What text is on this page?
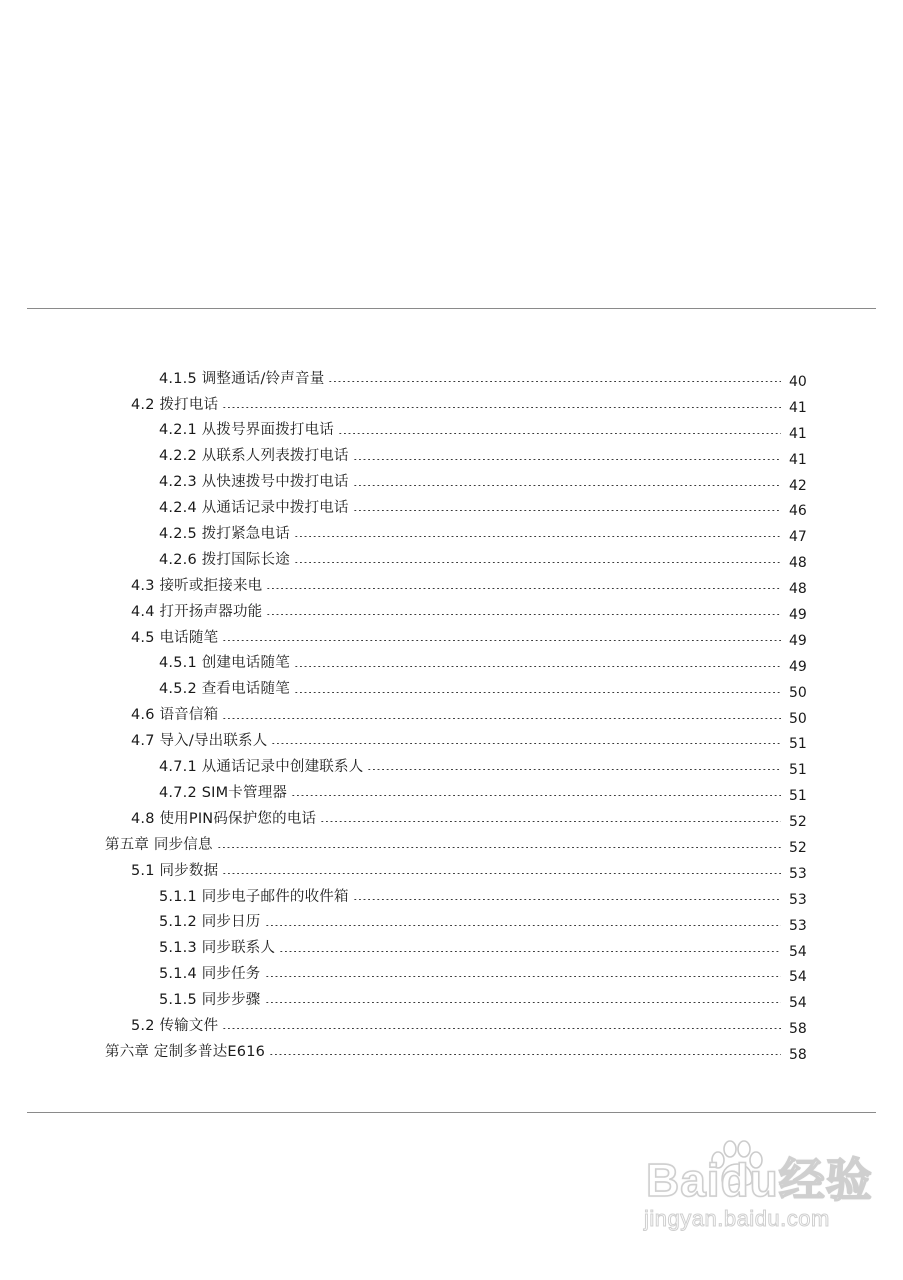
4.1.5 调整通话/铃声音量	40
4.2 拨打电话	41
4.2.1 从拨号界面拨打电话	41
4.2.2 从联系人列表拨打电话	41
4.2.3 从快速拨号中拨打电话	42
4.2.4 从通话记录中拨打电话	46
4.2.5 拨打紧急电话	47
4.2.6 拨打国际长途	48
4.3 接听或拒接来电	48
4.4 打开扬声器功能	49
4.5 电话随笔	49
4.5.1 创建电话随笔	49
4.5.2 查看电话随笔	50
4.6 语音信箱	50
4.7 导入/导出联系人	51
4.7.1 从通话记录中创建联系人	51
4.7.2 SIM卡管理器	51
4.8 使用PIN码保护您的电话	52
第五章 同步信息	52
5.1 同步数据	53
5.1.1 同步电子邮件的收件箱	53
5.1.2 同步日历	53
5.1.3 同步联系人	54
5.1.4 同步任务	54
5.1.5 同步步骤	54
5.2 传输文件	58
第六章 定制多普达E616	58
Baidu经验
jingyan.baidu.com
